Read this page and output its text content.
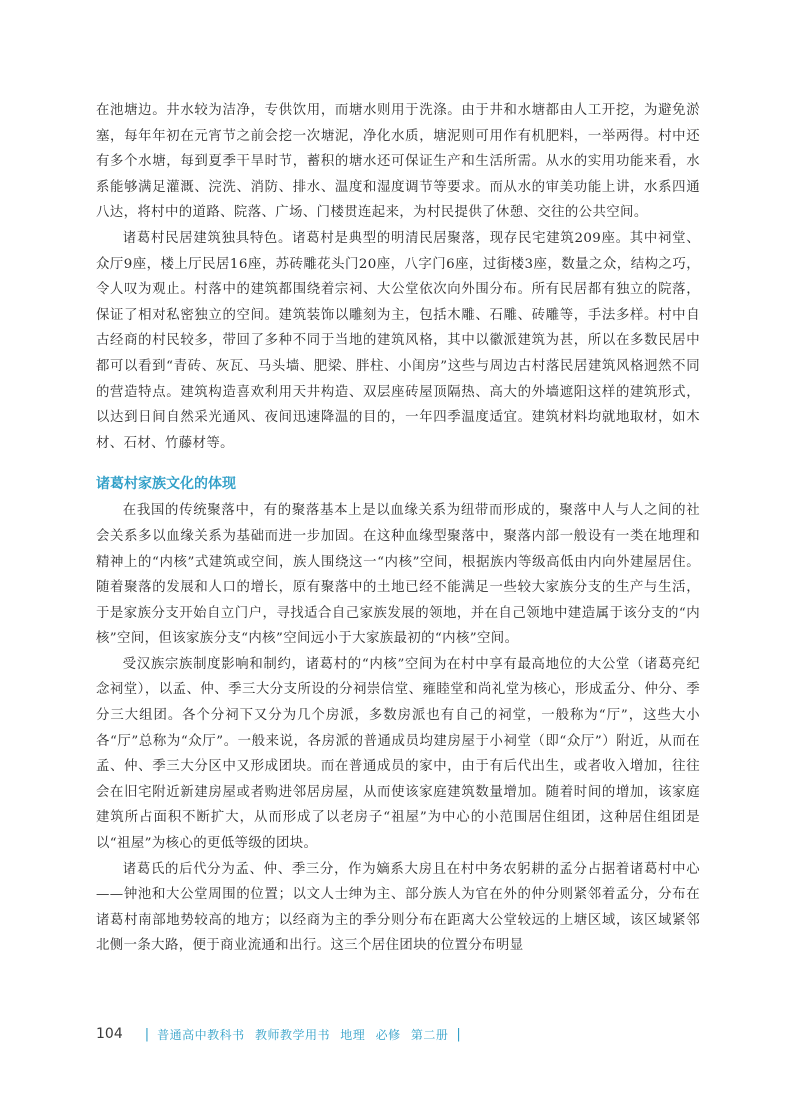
在池塘边。井水较为洁净，专供饮用，而塘水则用于洗涤。由于井和水塘都由人工开挖，为避免淤塞，每年年初在元宵节之前会挖一次塘泥，净化水质，塘泥则可用作有机肥料，一举两得。村中还有多个水塘，每到夏季干旱时节，蓄积的塘水还可保证生产和生活所需。从水的实用功能来看，水系能够满足灌溉、浣洗、消防、排水、温度和湿度调节等要求。而从水的审美功能上讲，水系四通八达，将村中的道路、院落、广场、门楼贯连起来，为村民提供了休憩、交往的公共空间。

诸葛村民居建筑独具特色。诸葛村是典型的明清民居聚落，现存民宅建筑209座。其中祠堂、众厅9座，楼上厅民居16座，苏砖雕花头门20座，八字门6座，过街楼3座，数量之众，结构之巧，令人叹为观止。村落中的建筑都围绕着宗祠、大公堂依次向外围分布。所有民居都有独立的院落，保证了相对私密独立的空间。建筑装饰以雕刻为主，包括木雕、石雕、砖雕等，手法多样。村中自古经商的村民较多，带回了多种不同于当地的建筑风格，其中以徽派建筑为甚，所以在多数民居中都可以看到“青砖、灰瓦、马头墙、肥梁、胖柱、小闺房”这些与周边古村落民居建筑风格迥然不同的营造特点。建筑构造喜欢利用天井构造、双层座砖屋顶隔热、高大的外墙遮阳这样的建筑形式，以达到日间自然采光通风、夜间迅速降温的目的，一年四季温度适宜。建筑材料均就地取材，如木材、石材、竹藤材等。

诸葛村家族文化的体现

在我国的传统聚落中，有的聚落基本上是以血缘关系为纽带而形成的，聚落中人与人之间的社会关系多以血缘关系为基础而进一步加固。在这种血缘型聚落中，聚落内部一般设有一类在地理和精神上的“内核”式建筑或空间，族人围绕这一“内核”空间，根据族内等级高低由内向外建屋居住。随着聚落的发展和人口的增长，原有聚落中的土地已经不能满足一些较大家族分支的生产与生活，于是家族分支开始自立门户，寻找适合自己家族发展的领地，并在自己领地中建造属于该分支的“内核”空间，但该家族分支“内核”空间远小于大家族最初的“内核”空间。

受汉族宗族制度影响和制约，诸葛村的“内核”空间为在村中享有最高地位的大公堂（诸葛亮纪念祠堂），以孟、仲、季三大分支所设的分祠崇信堂、雍睦堂和尚礼堂为核心，形成孟分、仲分、季分三大组团。各个分祠下又分为几个房派，多数房派也有自己的祠堂，一般称为“厅”，这些大小各“厅”总称为“众厅”。一般来说，各房派的普通成员均建房屋于小祠堂（即“众厅”）附近，从而在孟、仲、季三大分区中又形成团块。而在普通成员的家中，由于有后代出生，或者收入增加，往往会在旧宅附近新建房屋或者购进邻居房屋，从而使该家庭建筑数量增加。随着时间的增加，该家庭建筑所占面积不断扩大，从而形成了以老房子“祖屋”为中心的小范围居住组团，这种居住组团是以“祖屋”为核心的更低等级的团块。

诸葛氏的后代分为孟、仲、季三分，作为嫡系大房且在村中务农躬耕的孟分占据着诸葛村中心——钟池和大公堂周围的位置；以文人士绅为主、部分族人为官在外的仲分则紧邻着孟分，分布在诸葛村南部地势较高的地方；以经商为主的季分则分布在距离大公堂较远的上塘区域，该区域紧邻北侧一条大路，便于商业流通和出行。这三个居住团块的位置分布明显

104 | 普通高中教科书 教师教学用书 地理 必修 第二册 |
